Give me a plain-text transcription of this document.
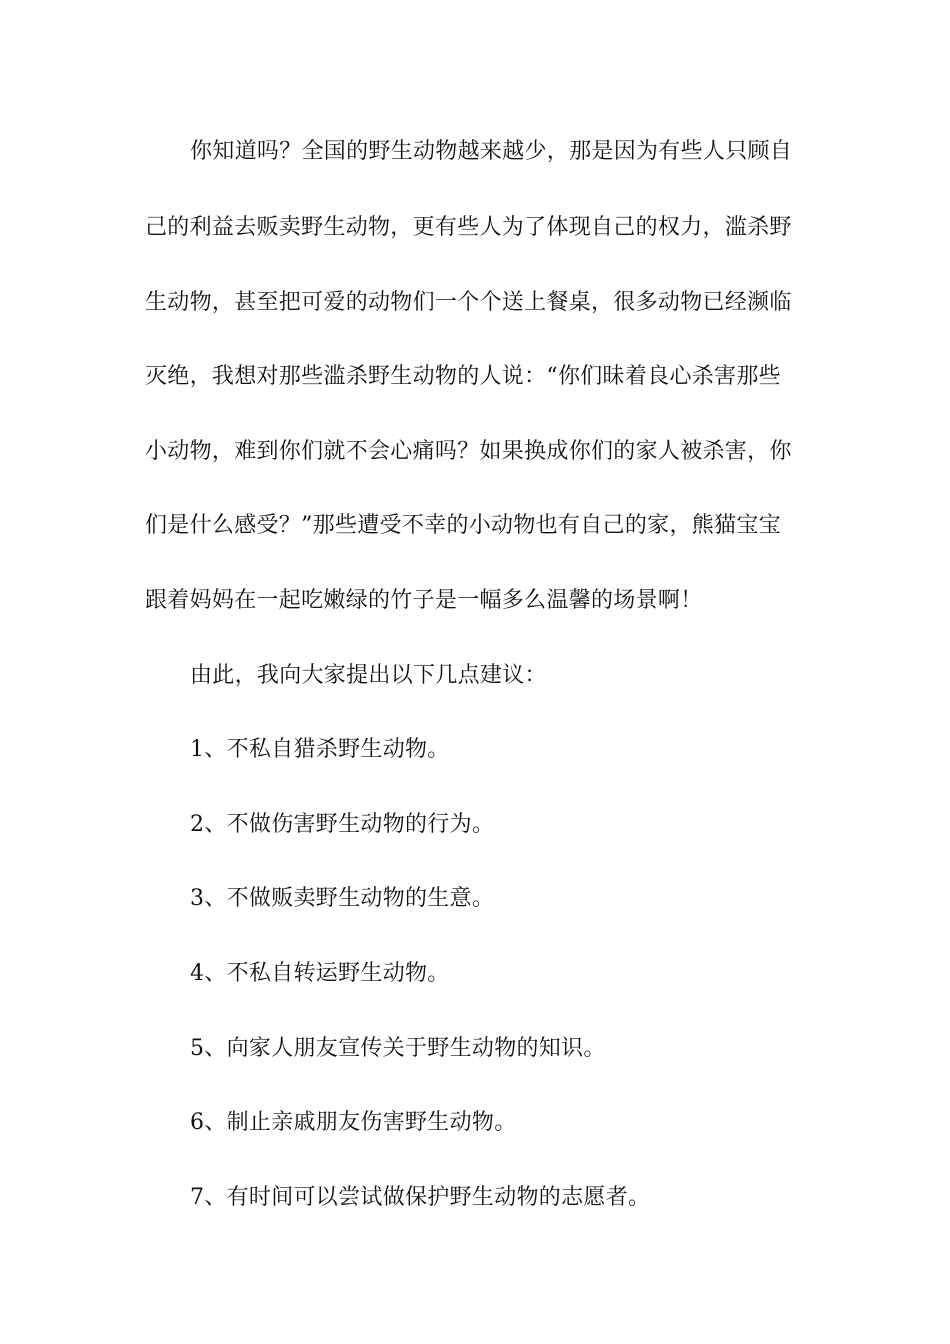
你知道吗？全国的野生动物越来越少，那是因为有些人只顾自
己的利益去贩卖野生动物，更有些人为了体现自己的权力，滥杀野
生动物，甚至把可爱的动物们一个个送上餐桌，很多动物已经濒临
灭绝，我想对那些滥杀野生动物的人说：“你们昧着良心杀害那些
小动物，难到你们就不会心痛吗？如果换成你们的家人被杀害，你
们是什么感受？”那些遭受不幸的小动物也有自己的家，熊猫宝宝
跟着妈妈在一起吃嫩绿的竹子是一幅多么温馨的场景啊！
由此，我向大家提出以下几点建议：
1、不私自猎杀野生动物。
2、不做伤害野生动物的行为。
3、不做贩卖野生动物的生意。
4、不私自转运野生动物。
5、向家人朋友宣传关于野生动物的知识。
6、制止亲戚朋友伤害野生动物。
7、有时间可以尝试做保护野生动物的志愿者。
